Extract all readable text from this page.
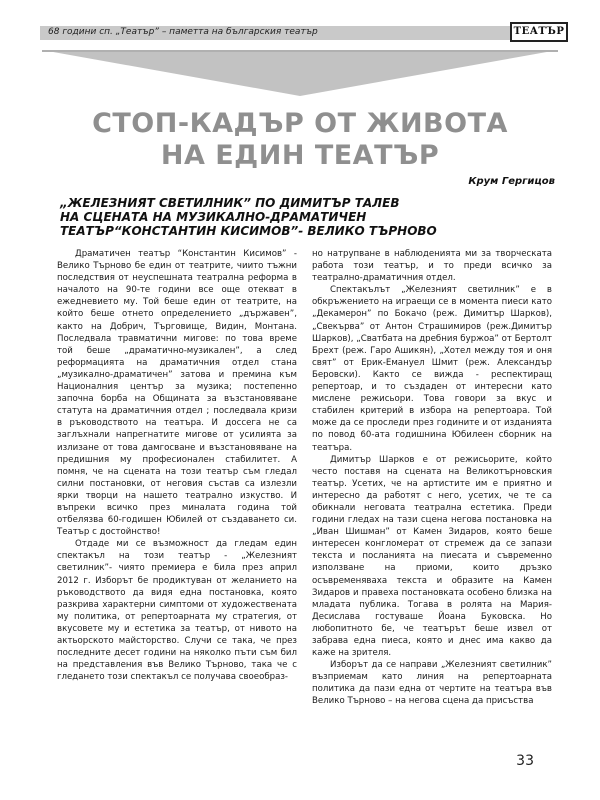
68 години сп. „Театър” – паметта на българския театър	ТЕАТЪР
СТОП-КАДЪР ОТ ЖИВОТА
НА ЕДИН ТЕАТЪР
Крум Гергицов
„ЖЕЛЕЗНИЯТ СВЕТИЛНИК” ПО ДИМИТЪР ТАЛЕВ
НА СЦЕНАТА НА МУЗИКАЛНО-ДРАМАТИЧЕН
ТЕАТЪР“КОНСТАНТИН КИСИМОВ”- ВЕЛИКО ТЪРНОВО

Драматичен театър “Константин Кисимов” - Велико Търново бе един от театрите, чиито тъжни последствия от неуспешната театрална реформа в началото на 90-те години все още отекват в ежедневието му. Той беше един от театрите, на който беше отнето определението „държавен”, както на Добрич, Търговище, Видин, Монтана. Последвала травматични мигове: по това време той беше „драматично-музикален”, а след реформацията на драматичния отдел стана „музикално-драматичен” затова и премина към Националния център за музика; постепенно започна борба на Общината за възстановяване статута на драматичния отдел ; последвала кризи в ръководството на театъра. И доссега не са заглъхнали напрегнатите мигове от усилията за излизане от това дамгосване и възстановяване на предишния му професионален стабилитет. А помня, че на сцената на този театър съм гледал силни постановки, от неговия състав са излезли ярки творци на нашето театрално изкуство. И въпреки всичко през миналата година той отбелязва 60-годишен Юбилей от създаването си. Театър с достойнство!

Отдаде ми се възможност да гледам един спектакъл на този театър - „Железният светилник”- чиято премиера е била през април 2012 г. Изборът бе продиктуван от желанието на ръководството да видя една постановка, която разкрива характерни симптоми от художествената му политика, от репертоарната му стратегия, от вкусовете му и естетика за театър, от нивото на актьорското майсторство. Случи се така, че през последните десет години на няколко пъти съм бил на представления във Велико Търново, така че с гледането този спектакъл се получава своеобраз-

но натрупване в наблюденията ми за творческата работа този театър, и то преди всичко за театрално-драматичния отдел.

Спектакълът „Железният светилник” е в обкръжението на играещи се в момента пиеси като „Декамерон” по Бокачо (реж. Димитър Шарков), „Свекърва” от Антон Страшимиров (реж.Димитър Шарков), „Сватбата на дребния буржоа” от Бертолт Брехт (реж. Гаро Ашикян), „Хотел между тоя и оня свят” от Ерик-Емануел Шмит (реж. Александър Беровски). Както се вижда - респектиращ репертоар, и то създаден от интересни като мислене режисьори. Това говори за вкус и стабилен критерий в избора на репертоара. Той може да се проследи през годините и от изданията по повод 60-ата годишнина Юбилеен сборник на театъра.

Димитър Шарков е от режисьорите, който често поставя на сцената на Великотърновския театър. Усетих, че на артистите им е приятно и интересно да работят с него, усетих, че те са обикнали неговата театрална естетика. Преди години гледах на тази сцена негова постановка на „Иван Шишман” от Камен Зидаров, която беше интересен конгломерат от стремеж да се запази текста и посланията на пиесата и съвременно използване на приоми, които дръзко осъвременяваха текста и образите на Камен Зидаров и правеха постановката особено близка на младата публика. Тогава в ролята на Мария-Десислава гостуваше Йоана Буковска. Но любопитното бе, че театърът беше извел от забрава една пиеса, която и днес има какво да каже на зрителя.

Изборът да се направи „Железният светилник” възприемам като линия на репертоарната политика да пази една от чертите на театъра във Велико Търново – на негова сцена да присъства

33
